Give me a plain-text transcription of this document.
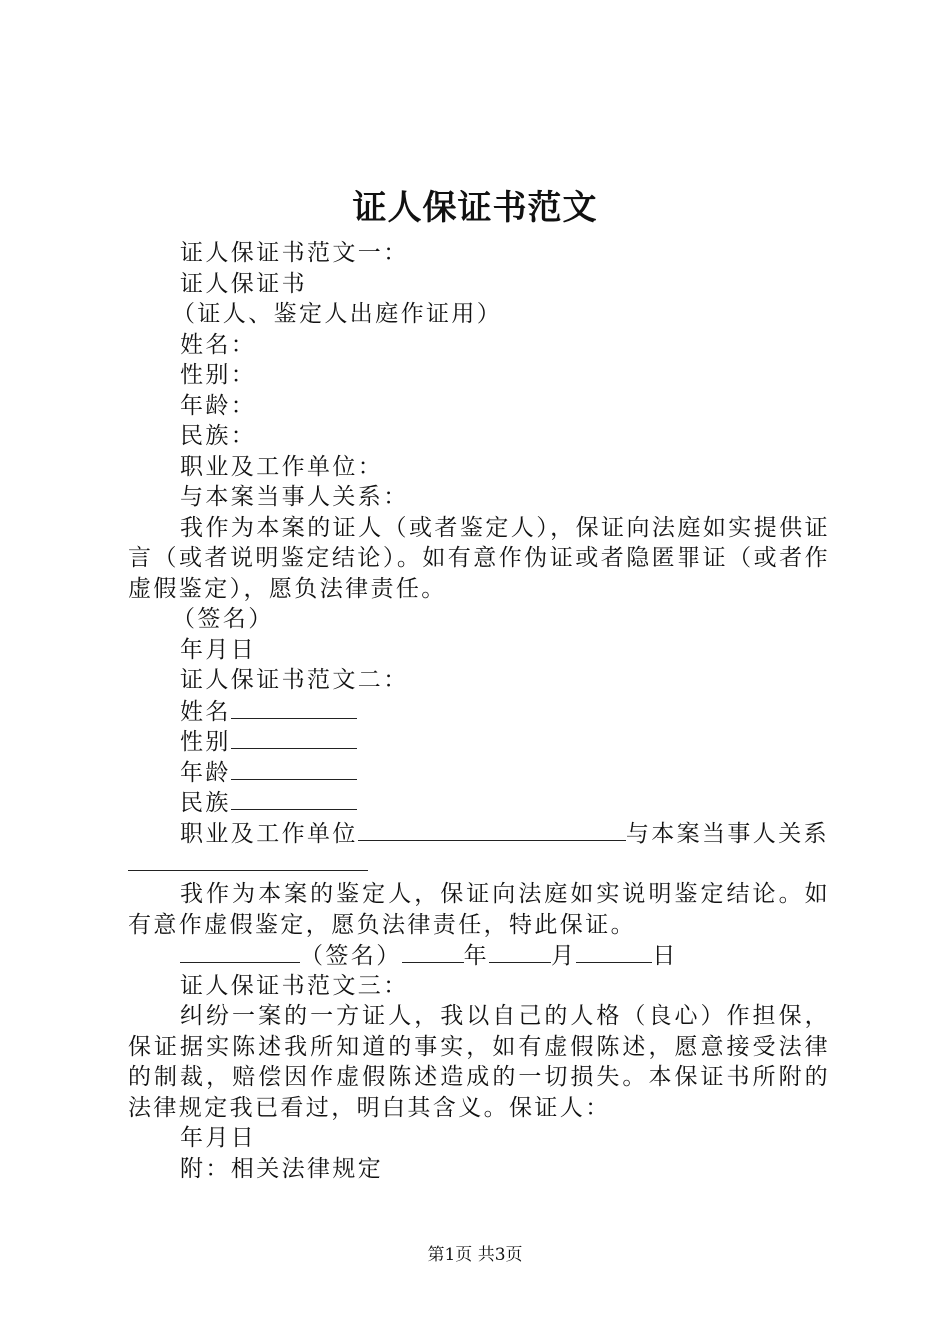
证人保证书范文
证人保证书范文一：
证人保证书
（证人、鉴定人出庭作证用）
姓名：
性别：
年龄：
民族：
职业及工作单位：
与本案当事人关系：
我作为本案的证人（或者鉴定人），保证向法庭如实提供证言（或者说明鉴定结论）。如有意作伪证或者隐匿罪证（或者作虚假鉴定），愿负法律责任。
（签名）
年月日
证人保证书范文二：
姓名
性别
年龄
民族
职业及工作单位	与本案当事人关系
我作为本案的鉴定人，保证向法庭如实说明鉴定结论。如有意作虚假鉴定，愿负法律责任，特此保证。
（签名）	年	月	日
证人保证书范文三：
纠纷一案的一方证人，我以自己的人格（良心）作担保，保证据实陈述我所知道的事实，如有虚假陈述，愿意接受法律的制裁，赔偿因作虚假陈述造成的一切损失。本保证书所附的法律规定我已看过，明白其含义。保证人：
年月日
附：相关法律规定
第1页 共3页
